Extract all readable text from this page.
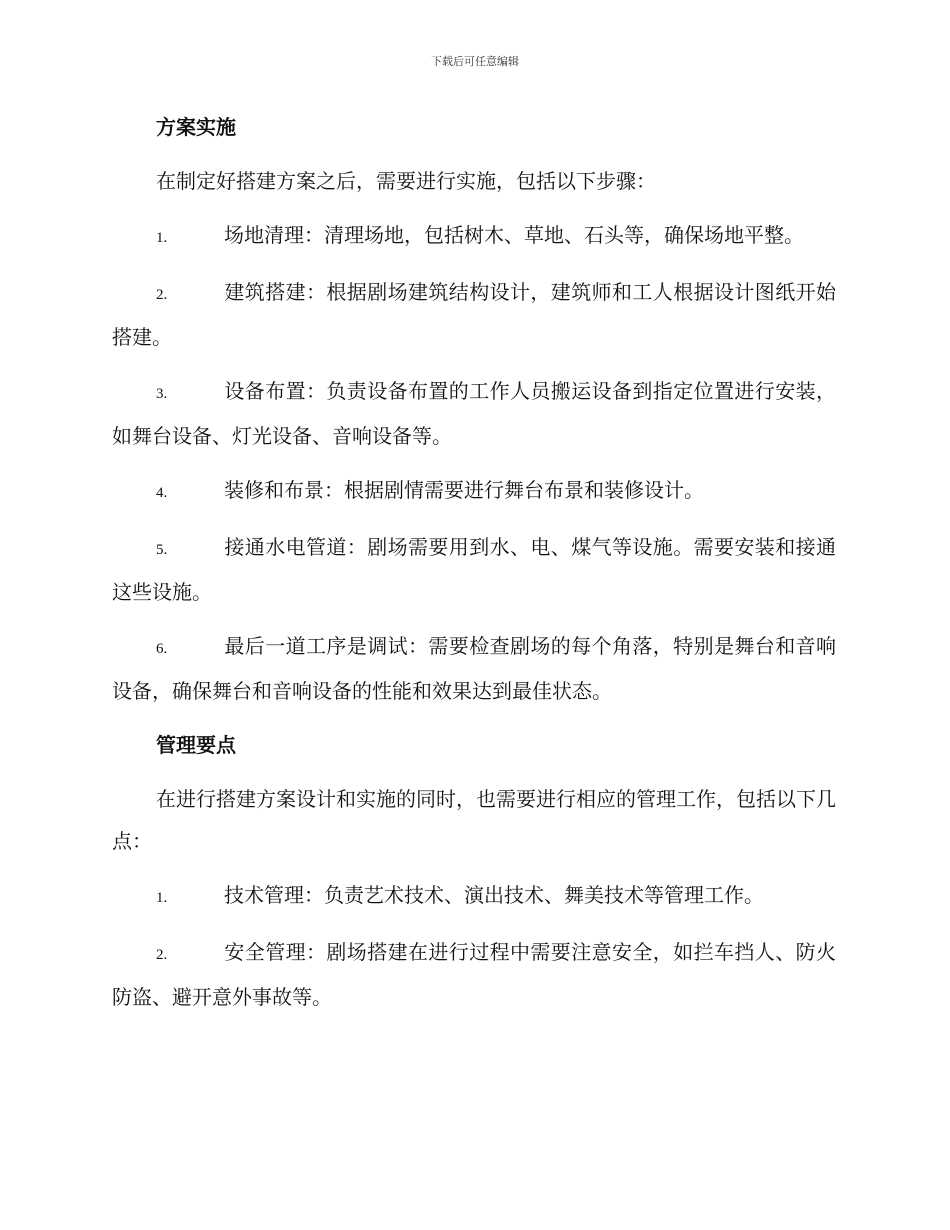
下载后可任意编辑
方案实施

在制定好搭建方案之后，需要进行实施，包括以下步骤：

1.	场地清理：清理场地，包括树木、草地、石头等，确保场地平整。

2.	建筑搭建：根据剧场建筑结构设计，建筑师和工人根据设计图纸开始搭建。

3.	设备布置：负责设备布置的工作人员搬运设备到指定位置进行安装，如舞台设备、灯光设备、音响设备等。

4.	装修和布景：根据剧情需要进行舞台布景和装修设计。

5.	接通水电管道：剧场需要用到水、电、煤气等设施。需要安装和接通这些设施。

6.	最后一道工序是调试：需要检查剧场的每个角落，特别是舞台和音响设备，确保舞台和音响设备的性能和效果达到最佳状态。

管理要点

在进行搭建方案设计和实施的同时，也需要进行相应的管理工作，包括以下几点：

1.	技术管理：负责艺术技术、演出技术、舞美技术等管理工作。

2.	安全管理：剧场搭建在进行过程中需要注意安全，如拦车挡人、防火防盗、避开意外事故等。
